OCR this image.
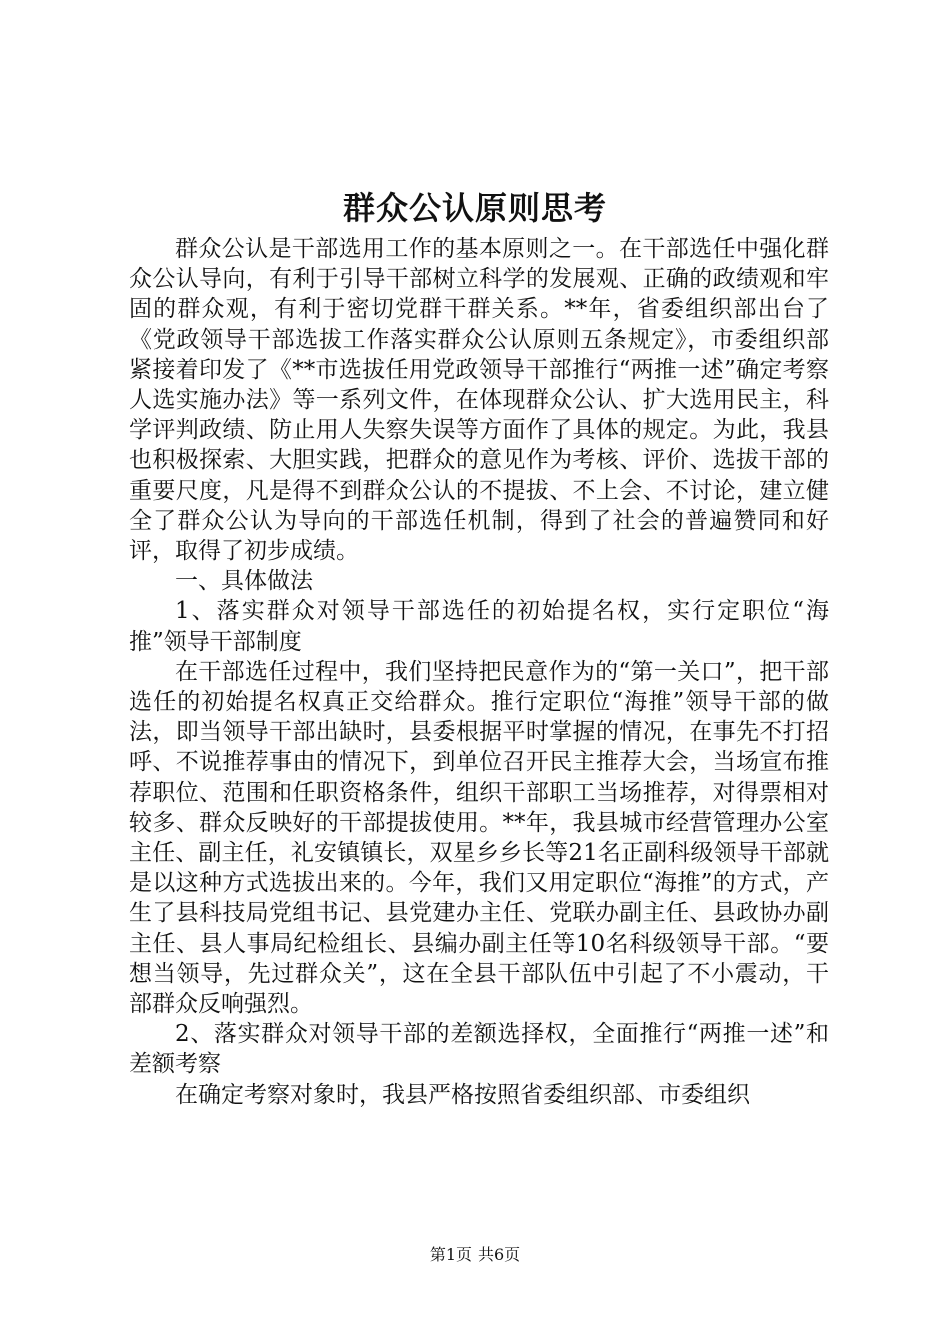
群众公认原则思考

群众公认是干部选用工作的基本原则之一。在干部选任中强化群众公认导向，有利于引导干部树立科学的发展观、正确的政绩观和牢固的群众观，有利于密切党群干群关系。**年，省委组织部出台了《党政领导干部选拔工作落实群众公认原则五条规定》，市委组织部紧接着印发了《**市选拔任用党政领导干部推行“两推一述”确定考察人选实施办法》等一系列文件，在体现群众公认、扩大选用民主，科学评判政绩、防止用人失察失误等方面作了具体的规定。为此，我县也积极探索、大胆实践，把群众的意见作为考核、评价、选拔干部的重要尺度，凡是得不到群众公认的不提拔、不上会、不讨论，建立健全了群众公认为导向的干部选任机制，得到了社会的普遍赞同和好评，取得了初步成绩。

一、具体做法

1、落实群众对领导干部选任的初始提名权，实行定职位“海推”领导干部制度

在干部选任过程中，我们坚持把民意作为的“第一关口”，把干部选任的初始提名权真正交给群众。推行定职位“海推”领导干部的做法，即当领导干部出缺时，县委根据平时掌握的情况，在事先不打招呼、不说推荐事由的情况下，到单位召开民主推荐大会，当场宣布推荐职位、范围和任职资格条件，组织干部职工当场推荐，对得票相对较多、群众反映好的干部提拔使用。**年，我县城市经营管理办公室主任、副主任，礼安镇镇长，双星乡乡长等21名正副科级领导干部就是以这种方式选拔出来的。今年，我们又用定职位“海推”的方式，产生了县科技局党组书记、县党建办主任、党联办副主任、县政协办副主任、县人事局纪检组长、县编办副主任等10名科级领导干部。“要想当领导，先过群众关”，这在全县干部队伍中引起了不小震动，干部群众反响强烈。

2、落实群众对领导干部的差额选择权，全面推行“两推一述”和差额考察

在确定考察对象时，我县严格按照省委组织部、市委组织

第1页 共6页
